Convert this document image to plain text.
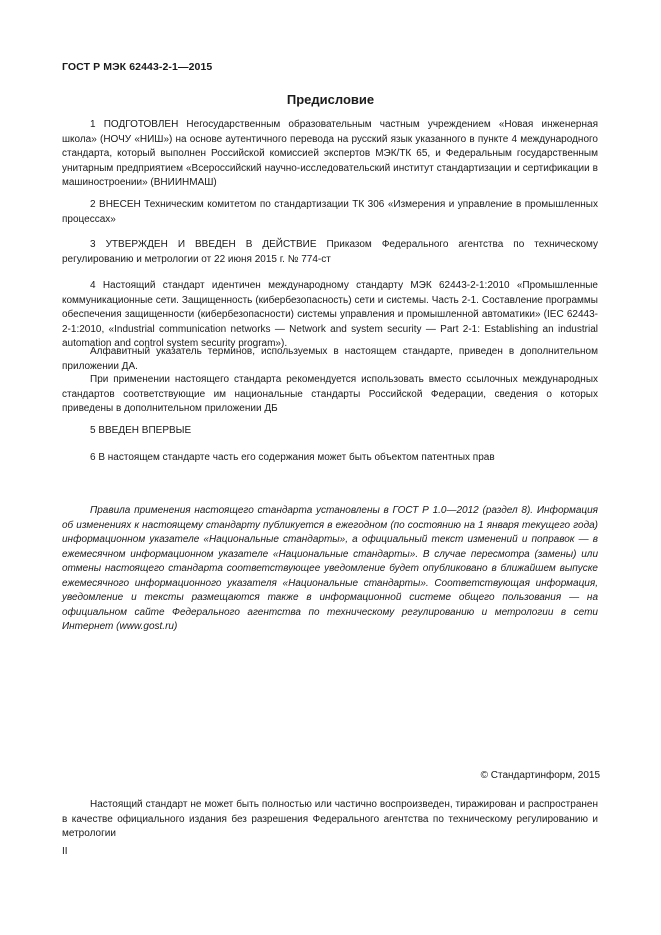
ГОСТ Р МЭК 62443-2-1—2015
Предисловие

1 ПОДГОТОВЛЕН Негосударственным образовательным частным учреждением «Новая инженерная школа» (НОЧУ «НИШ») на основе аутентичного перевода на русский язык указанного в пункте 4 международного стандарта, который выполнен Российской комиссией экспертов МЭК/ТК 65, и Федеральным государственным унитарным предприятием «Всероссийский научно-исследовательский институт стандартизации и сертификации в машиностроении» (ВНИИНМАШ)

2 ВНЕСЕН Техническим комитетом по стандартизации ТК 306 «Измерения и управление в промышленных процессах»

3 УТВЕРЖДЕН И ВВЕДЕН В ДЕЙСТВИЕ Приказом Федерального агентства по техническому регулированию и метрологии от 22 июня 2015 г. № 774-ст

4 Настоящий стандарт идентичен международному стандарту МЭК 62443-2-1:2010 «Промышленные коммуникационные сети. Защищенность (кибербезопасность) сети и системы. Часть 2-1. Составление программы обеспечения защищенности (кибербезопасности) системы управления и промышленной автоматики» (IEC 62443-2-1:2010, «Industrial communication networks — Network and system security — Part 2-1: Establishing an industrial automation and control system security program»).

Алфавитный указатель терминов, используемых в настоящем стандарте, приведен в дополнительном приложении ДА.

При применении настоящего стандарта рекомендуется использовать вместо ссылочных международных стандартов соответствующие им национальные стандарты Российской Федерации, сведения о которых приведены в дополнительном приложении ДБ

5 ВВЕДЕН ВПЕРВЫЕ

6 В настоящем стандарте часть его содержания может быть объектом патентных прав

Правила применения настоящего стандарта установлены в ГОСТ Р 1.0—2012 (раздел 8). Информация об изменениях к настоящему стандарту публикуется в ежегодном (по состоянию на 1 января текущего года) информационном указателе «Национальные стандарты», а официальный текст изменений и поправок — в ежемесячном информационном указателе «Национальные стандарты». В случае пересмотра (замены) или отмены настоящего стандарта соответствующее уведомление будет опубликовано в ближайшем выпуске ежемесячного информационного указателя «Национальные стандарты». Соответствующая информация, уведомление и тексты размещаются также в информационной системе общего пользования — на официальном сайте Федерального агентства по техническому регулированию и метрологии в сети Интернет (www.gost.ru)

© Стандартинформ, 2015

Настоящий стандарт не может быть полностью или частично воспроизведен, тиражирован и распространен в качестве официального издания без разрешения Федерального агентства по техническому регулированию и метрологии

II
